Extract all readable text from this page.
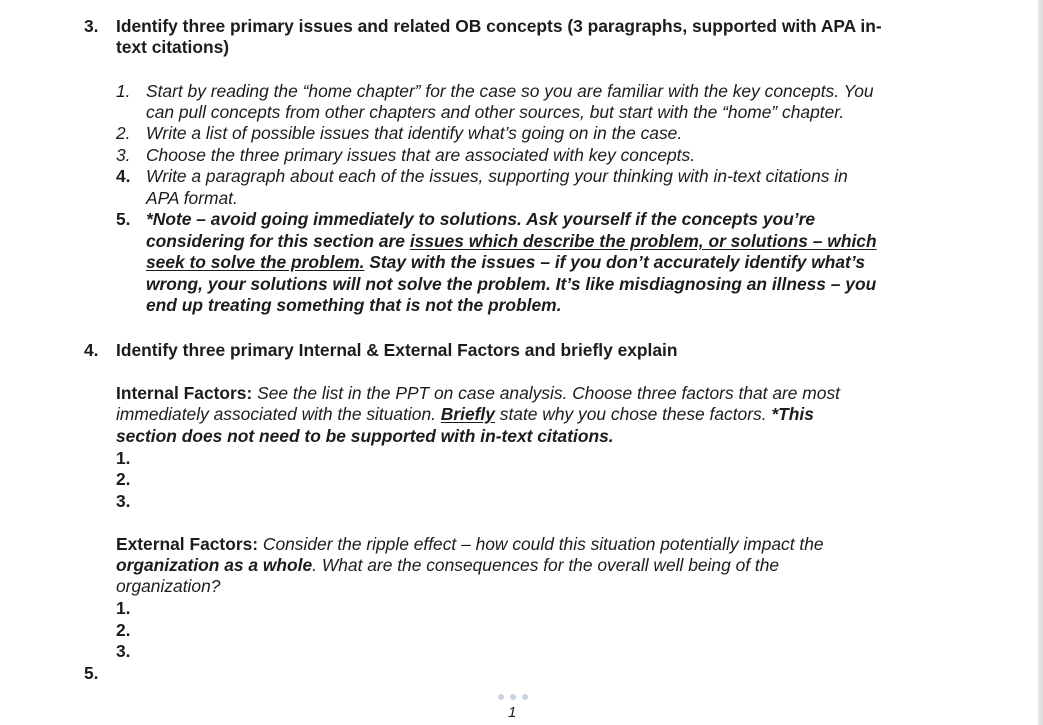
3. Identify three primary issues and related OB concepts (3 paragraphs, supported with APA in-
text citations)
1. Start by reading the “home chapter” for the case so you are familiar with the key concepts. You
can pull concepts from other chapters and other sources, but start with the “home” chapter.
2. Write a list of possible issues that identify what’s going on in the case.
3. Choose the three primary issues that are associated with key concepts.
4. Write a paragraph about each of the issues, supporting your thinking with in-text citations in
APA format.
5. *Note – avoid going immediately to solutions. Ask yourself if the concepts you’re
considering for this section are issues which describe the problem, or solutions – which
seek to solve the problem. Stay with the issues – if you don’t accurately identify what’s
wrong, your solutions will not solve the problem. It’s like misdiagnosing an illness – you
end up treating something that is not the problem.
4. Identify three primary Internal & External Factors and briefly explain
Internal Factors: See the list in the PPT on case analysis. Choose three factors that are most
immediately associated with the situation. Briefly state why you chose these factors. *This
section does not need to be supported with in-text citations.
1.
2.
3.
External Factors: Consider the ripple effect – how could this situation potentially impact the
organization as a whole. What are the consequences for the overall well being of the
organization?
1.
2.
3.
5.
1
